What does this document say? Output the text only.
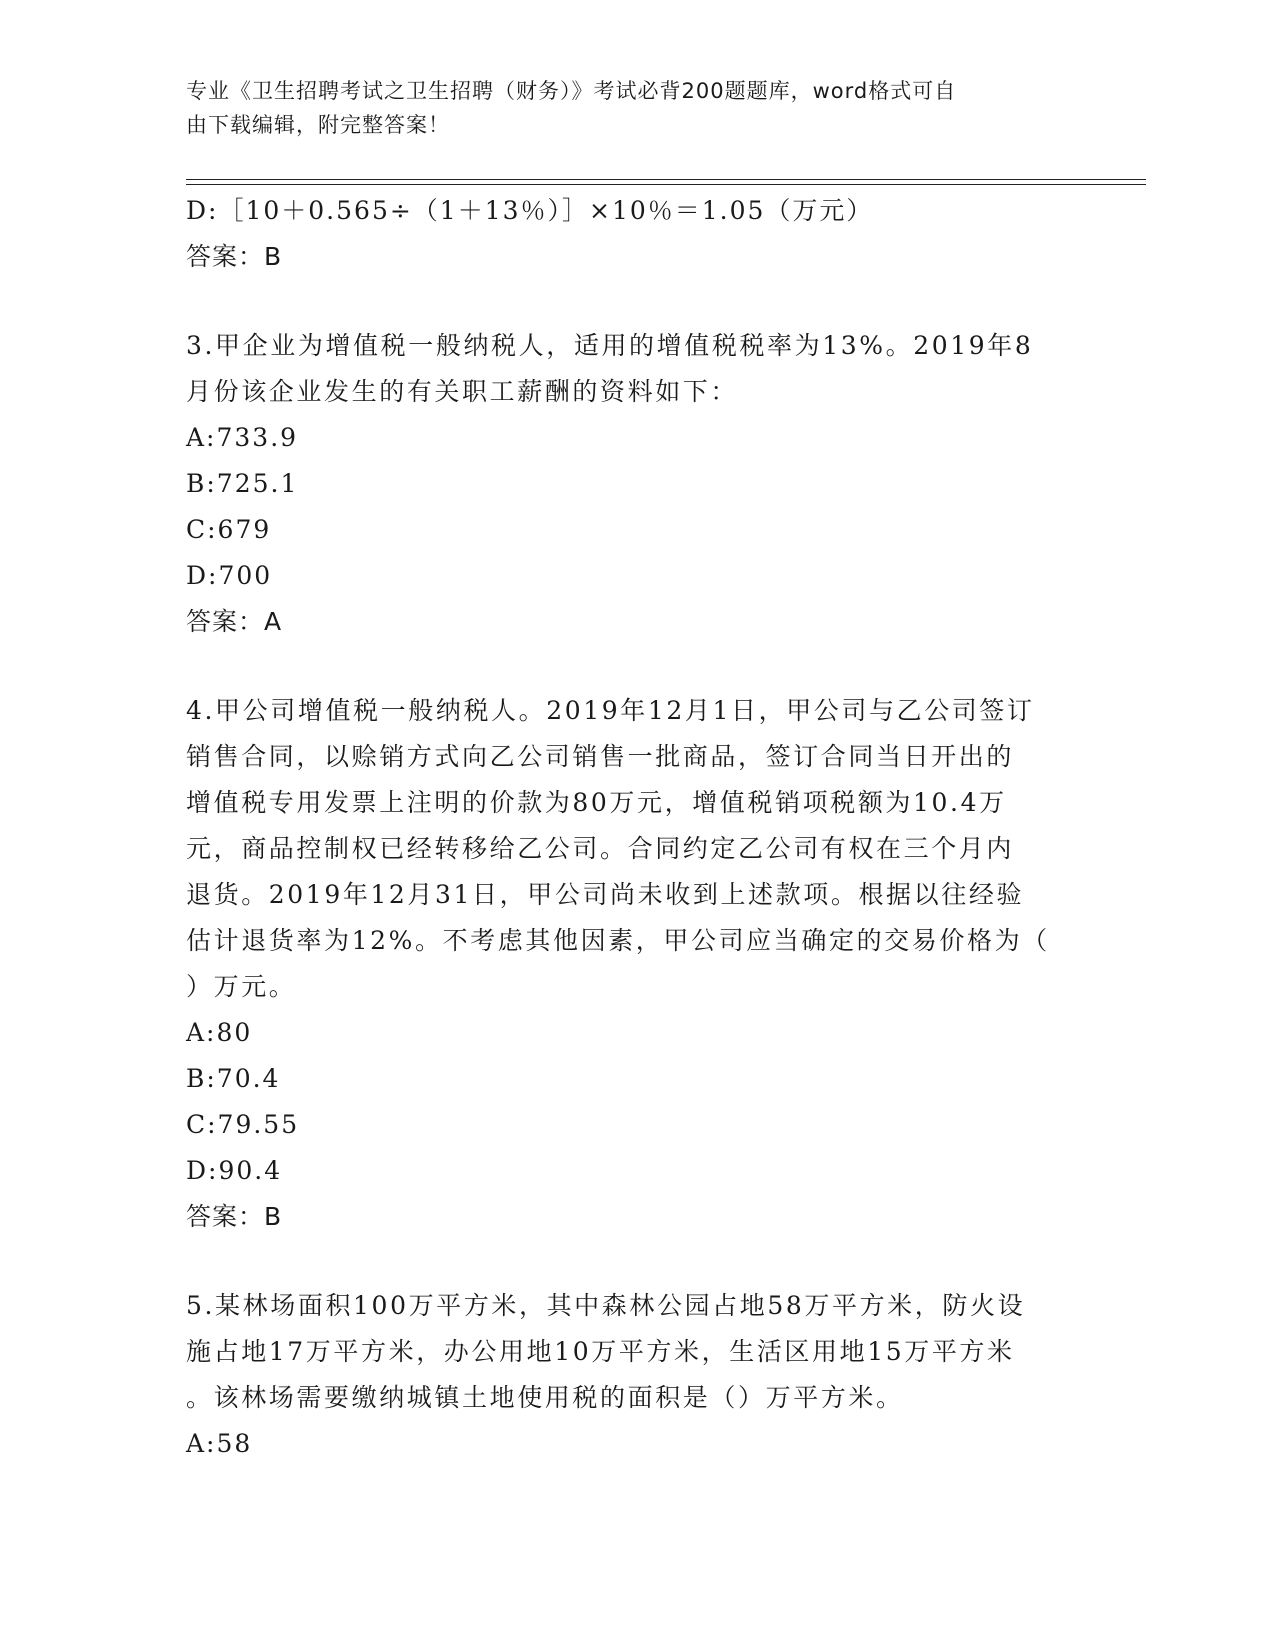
专业《卫生招聘考试之卫生招聘（财务）》考试必背200题题库，word格式可自
由下载编辑，附完整答案！
D:［10＋0.565÷（1＋13％）］×10％＝1.05（万元）
答案：B
3.甲企业为增值税一般纳税人，适用的增值税税率为13%。2019年8
月份该企业发生的有关职工薪酬的资料如下：
A:733.9
B:725.1
C:679
D:700
答案：A
4.甲公司增值税一般纳税人。2019年12月1日，甲公司与乙公司签订
销售合同，以赊销方式向乙公司销售一批商品，签订合同当日开出的
增值税专用发票上注明的价款为80万元，增值税销项税额为10.4万
元，商品控制权已经转移给乙公司。合同约定乙公司有权在三个月内
退货。2019年12月31日，甲公司尚未收到上述款项。根据以往经验
估计退货率为12%。不考虑其他因素，甲公司应当确定的交易价格为（
）万元。
A:80
B:70.4
C:79.55
D:90.4
答案：B
5.某林场面积100万平方米，其中森林公园占地58万平方米，防火设
施占地17万平方米，办公用地10万平方米，生活区用地15万平方米
。该林场需要缴纳城镇土地使用税的面积是（）万平方米。
A:58
